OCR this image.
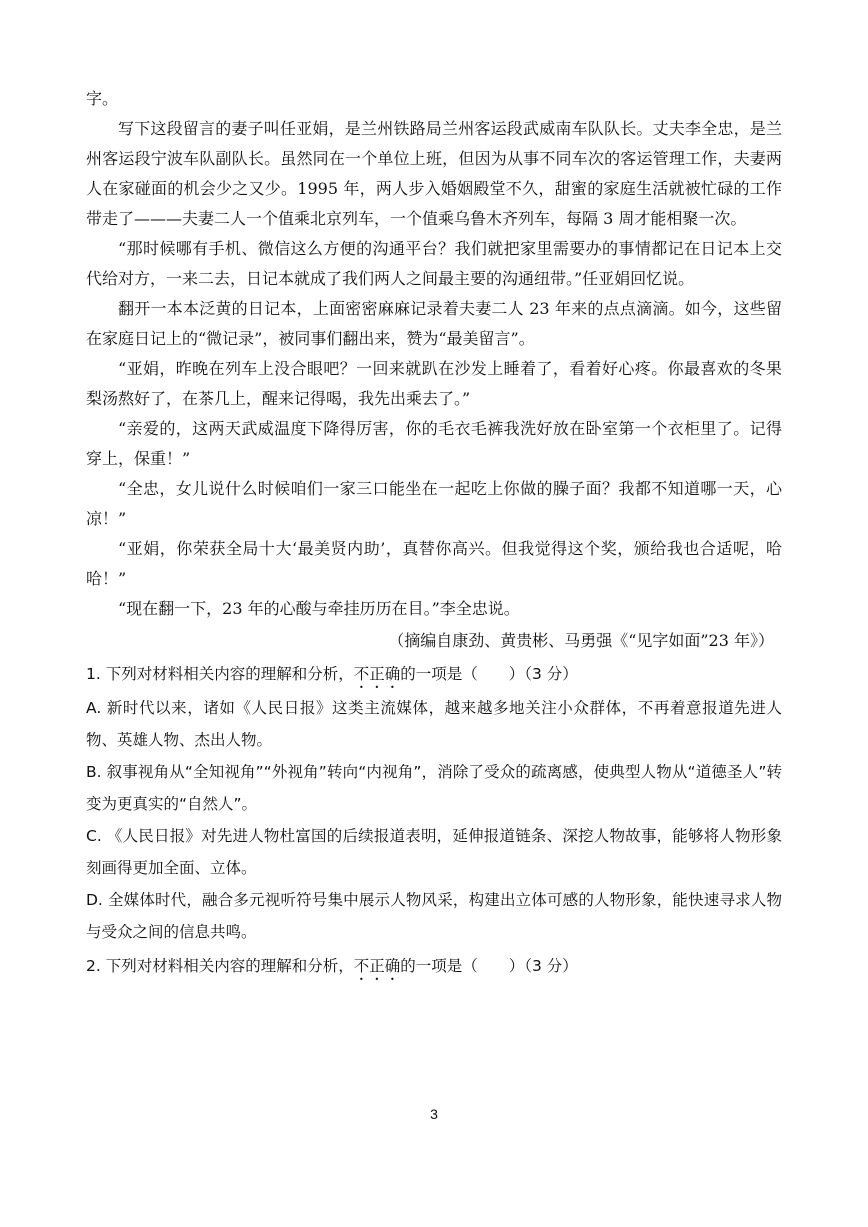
字。

写下这段留言的妻子叫任亚娟，是兰州铁路局兰州客运段武威南车队队长。丈夫李全忠，是兰州客运段宁波车队副队长。虽然同在一个单位上班，但因为从事不同车次的客运管理工作，夫妻两人在家碰面的机会少之又少。1995 年，两人步入婚姻殿堂不久，甜蜜的家庭生活就被忙碌的工作带走了———夫妻二人一个值乘北京列车，一个值乘乌鲁木齐列车，每隔 3 周才能相聚一次。

“那时候哪有手机、微信这么方便的沟通平台？我们就把家里需要办的事情都记在日记本上交代给对方，一来二去，日记本就成了我们两人之间最主要的沟通纽带。”任亚娟回忆说。

翻开一本本泛黄的日记本，上面密密麻麻记录着夫妻二人 23 年来的点点滴滴。如今，这些留在家庭日记上的“微记录”，被同事们翻出来，赞为“最美留言”。

“亚娟，昨晚在列车上没合眼吧？一回来就趴在沙发上睡着了，看着好心疼。你最喜欢的冬果梨汤熬好了，在茶几上，醒来记得喝，我先出乘去了。”

“亲爱的，这两天武威温度下降得厉害，你的毛衣毛裤我洗好放在卧室第一个衣柜里了。记得穿上，保重！”

“全忠，女儿说什么时候咱们一家三口能坐在一起吃上你做的臊子面？我都不知道哪一天，心凉！”

“亚娟，你荣获全局十大‘最美贤内助’，真替你高兴。但我觉得这个奖，颁给我也合适呢，哈哈！”

“现在翻一下，23 年的心酸与牵挂历历在目。”李全忠说。

（摘编自康劲、黄贵彬、马勇强《“见字如面”23 年》）

1. 下列对材料相关内容的理解和分析，不正确的一项是（　　）（3 分）

A. 新时代以来，诸如《人民日报》这类主流媒体，越来越多地关注小众群体，不再着意报道先进人物、英雄人物、杰出人物。

B. 叙事视角从“全知视角”“外视角”转向“内视角”，消除了受众的疏离感，使典型人物从“道德圣人”转变为更真实的“自然人”。

C. 《人民日报》对先进人物杜富国的后续报道表明，延伸报道链条、深挖人物故事，能够将人物形象刻画得更加全面、立体。

D. 全媒体时代，融合多元视听符号集中展示人物风采，构建出立体可感的人物形象，能快速寻求人物与受众之间的信息共鸣。

2. 下列对材料相关内容的理解和分析，不正确的一项是（　　）（3 分）

3
